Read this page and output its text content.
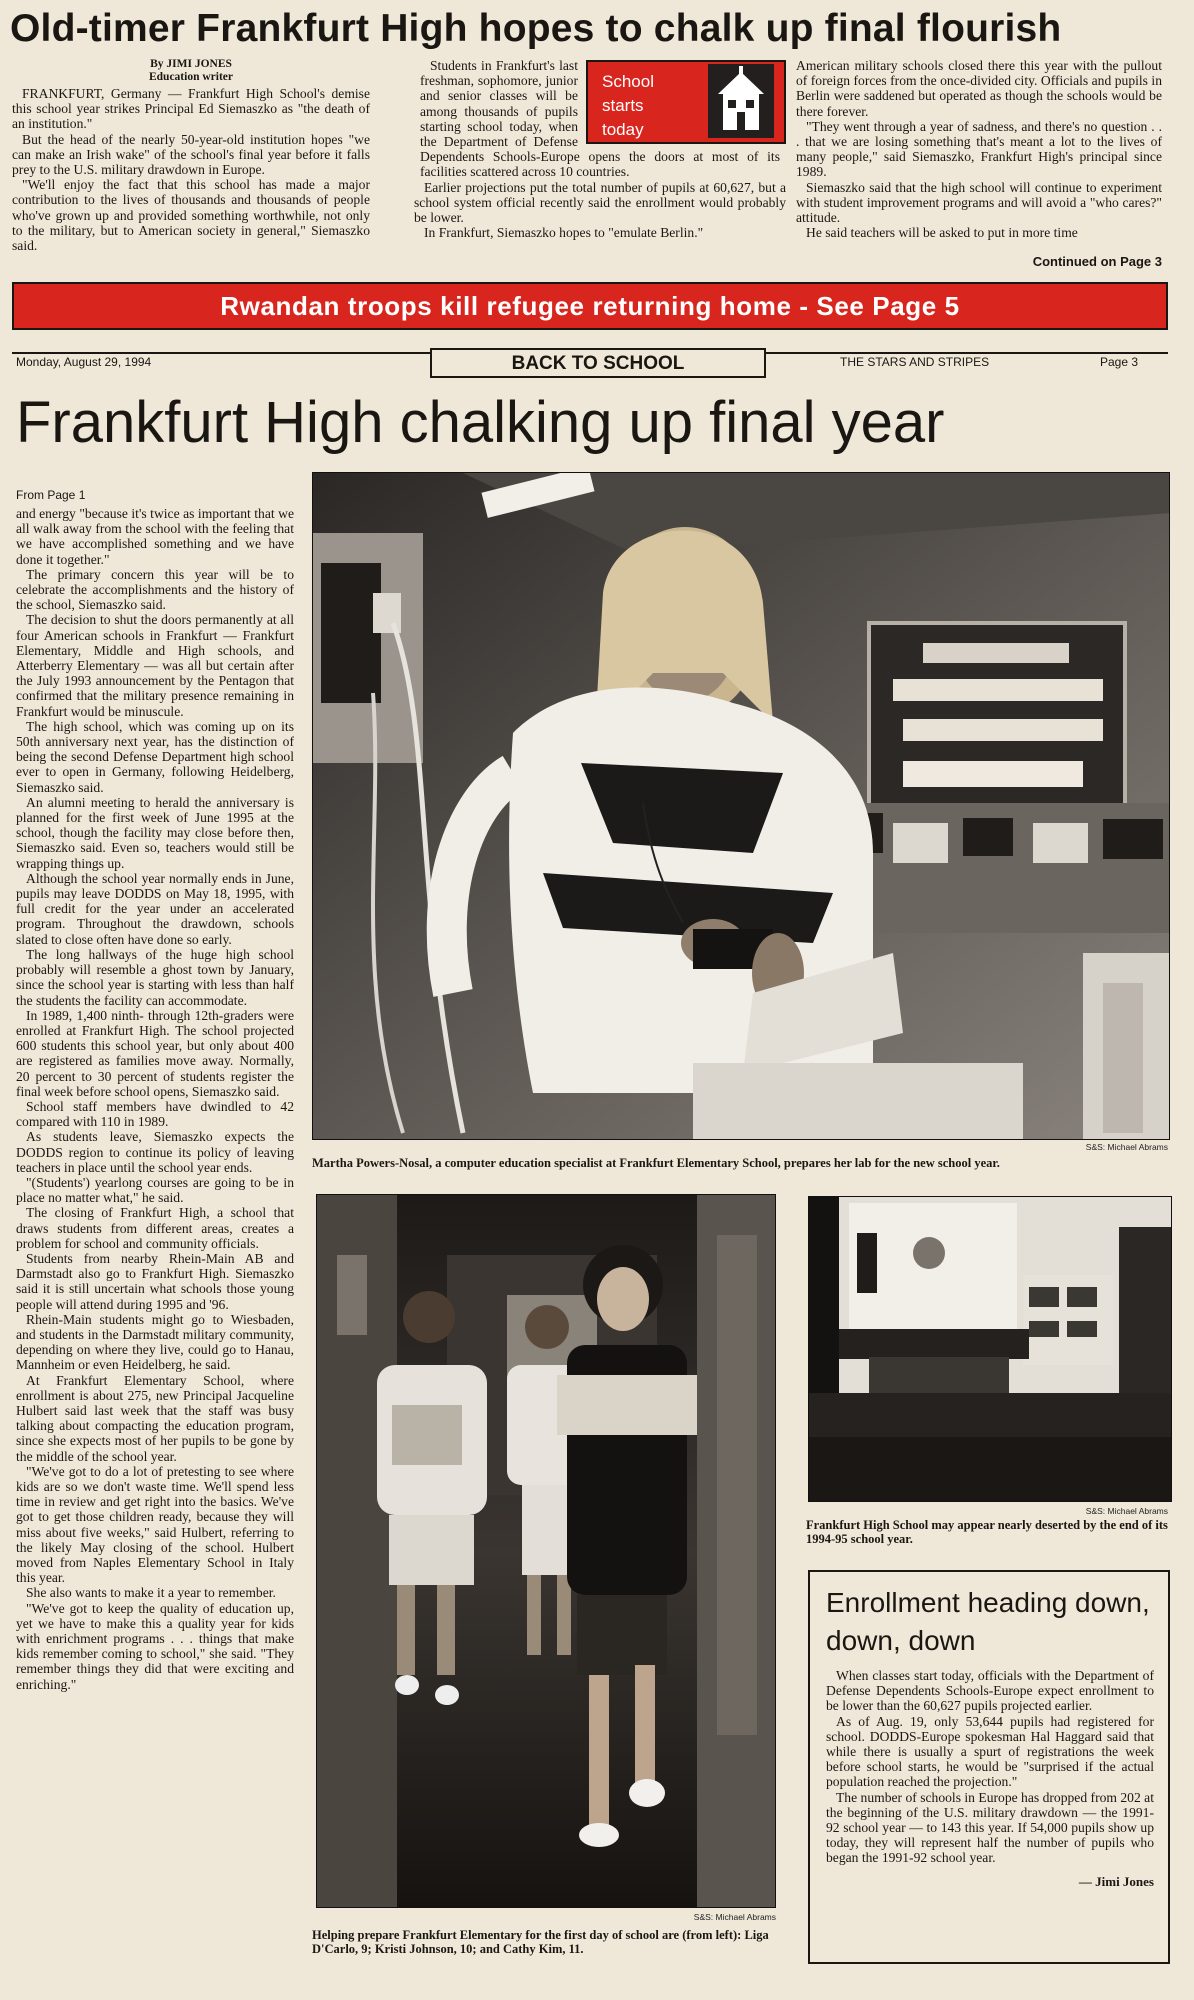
Old-timer Frankfurt High hopes to chalk up final flourish
By JIMI JONES
Education writer

FRANKFURT, Germany — Frankfurt High School's demise this school year strikes Principal Ed Siemaszko as "the death of an institution."

But the head of the nearly 50-year-old institution hopes "we can make an Irish wake" of the school's final year before it falls prey to the U.S. military drawdown in Europe.

"We'll enjoy the fact that this school has made a major contribution to the lives of thousands and thousands of people who've grown up and provided something worthwhile, not only to the military, but to American society in general," Siemaszko said.

School
starts
today

Students in Frankfurt's last freshman, sophomore, junior and senior classes will be among thousands of pupils starting school today, when the Department of Defense Dependents Schools-Europe opens the doors at most of its facilities scattered across 10 countries.

Earlier projections put the total number of pupils at 60,627, but a school system official recently said the enrollment would probably be lower.

In Frankfurt, Siemaszko hopes to "emulate Berlin."

American military schools closed there this year with the pullout of foreign forces from the once-divided city. Officials and pupils in Berlin were saddened but operated as though the schools would be there forever.

"They went through a year of sadness, and there's no question . . . that we are losing something that's meant a lot to the lives of many people," said Siemaszko, Frankfurt High's principal since 1989.

Siemaszko said that the high school will continue to experiment with student improvement programs and will avoid a "who cares?" attitude.

He said teachers will be asked to put in more time

Continued on Page 3
Rwandan troops kill refugee returning home - See Page 5
Monday, August 29, 1994	BACK TO SCHOOL	THE STARS AND STRIPES	Page 3
Frankfurt High chalking up final year
From Page 1

and energy "because it's twice as important that we all walk away from the school with the feeling that we have accomplished something and we have done it together."

The primary concern this year will be to celebrate the accomplishments and the history of the school, Siemaszko said.

The decision to shut the doors permanently at all four American schools in Frankfurt — Frankfurt Elementary, Middle and High schools, and Atterberry Elementary — was all but certain after the July 1993 announcement by the Pentagon that confirmed that the military presence remaining in Frankfurt would be minuscule.

The high school, which was coming up on its 50th anniversary next year, has the distinction of being the second Defense Department high school ever to open in Germany, following Heidelberg, Siemaszko said.

An alumni meeting to herald the anniversary is planned for the first week of June 1995 at the school, though the facility may close before then, Siemaszko said. Even so, teachers would still be wrapping things up.

Although the school year normally ends in June, pupils may leave DODDS on May 18, 1995, with full credit for the year under an accelerated program. Throughout the drawdown, schools slated to close often have done so early.

The long hallways of the huge high school probably will resemble a ghost town by January, since the school year is starting with less than half the students the facility can accommodate.

In 1989, 1,400 ninth- through 12th-graders were enrolled at Frankfurt High. The school projected 600 students this school year, but only about 400 are registered as families move away. Normally, 20 percent to 30 percent of students register the final week before school opens, Siemaszko said.

School staff members have dwindled to 42 compared with 110 in 1989.

As students leave, Siemaszko expects the DODDS region to continue its policy of leaving teachers in place until the school year ends.

"(Students') yearlong courses are going to be in place no matter what," he said.

The closing of Frankfurt High, a school that draws students from different areas, creates a problem for school and community officials.

Students from nearby Rhein-Main AB and Darmstadt also go to Frankfurt High. Siemaszko said it is still uncertain what schools those young people will attend during 1995 and '96.

Rhein-Main students might go to Wiesbaden, and students in the Darmstadt military community, depending on where they live, could go to Hanau, Mannheim or even Heidelberg, he said.

At Frankfurt Elementary School, where enrollment is about 275, new Principal Jacqueline Hulbert said last week that the staff was busy talking about compacting the education program, since she expects most of her pupils to be gone by the middle of the school year.

"We've got to do a lot of pretesting to see where kids are so we don't waste time. We'll spend less time in review and get right into the basics. We've got to get those children ready, because they will miss about five weeks," said Hulbert, referring to the likely May closing of the school. Hulbert moved from Naples Elementary School in Italy this year.

She also wants to make it a year to remember.

"We've got to keep the quality of education up, yet we have to make this a quality year for kids with enrichment programs . . . things that make kids remember coming to school," she said. "They remember things they did that were exciting and enriching."

S&S: Michael Abrams
Martha Powers-Nosal, a computer education specialist at Frankfurt Elementary School, prepares her lab for the new school year.
S&S: Michael Abrams
Helping prepare Frankfurt Elementary for the first day of school are (from left): Liga D'Carlo, 9; Kristi Johnson, 10; and Cathy Kim, 11.
S&S: Michael Abrams
Frankfurt High School may appear nearly deserted by the end of its 1994-95 school year.
Enrollment heading down, down, down

When classes start today, officials with the Department of Defense Dependents Schools-Europe expect enrollment to be lower than the 60,627 pupils projected earlier.

As of Aug. 19, only 53,644 pupils had registered for school. DODDS-Europe spokesman Hal Haggard said that while there is usually a spurt of registrations the week before school starts, he would be "surprised if the actual population reached the projection."

The number of schools in Europe has dropped from 202 at the beginning of the U.S. military drawdown — the 1991-92 school year — to 143 this year. If 54,000 pupils show up today, they will represent half the number of pupils who began the 1991-92 school year.

— Jimi Jones
